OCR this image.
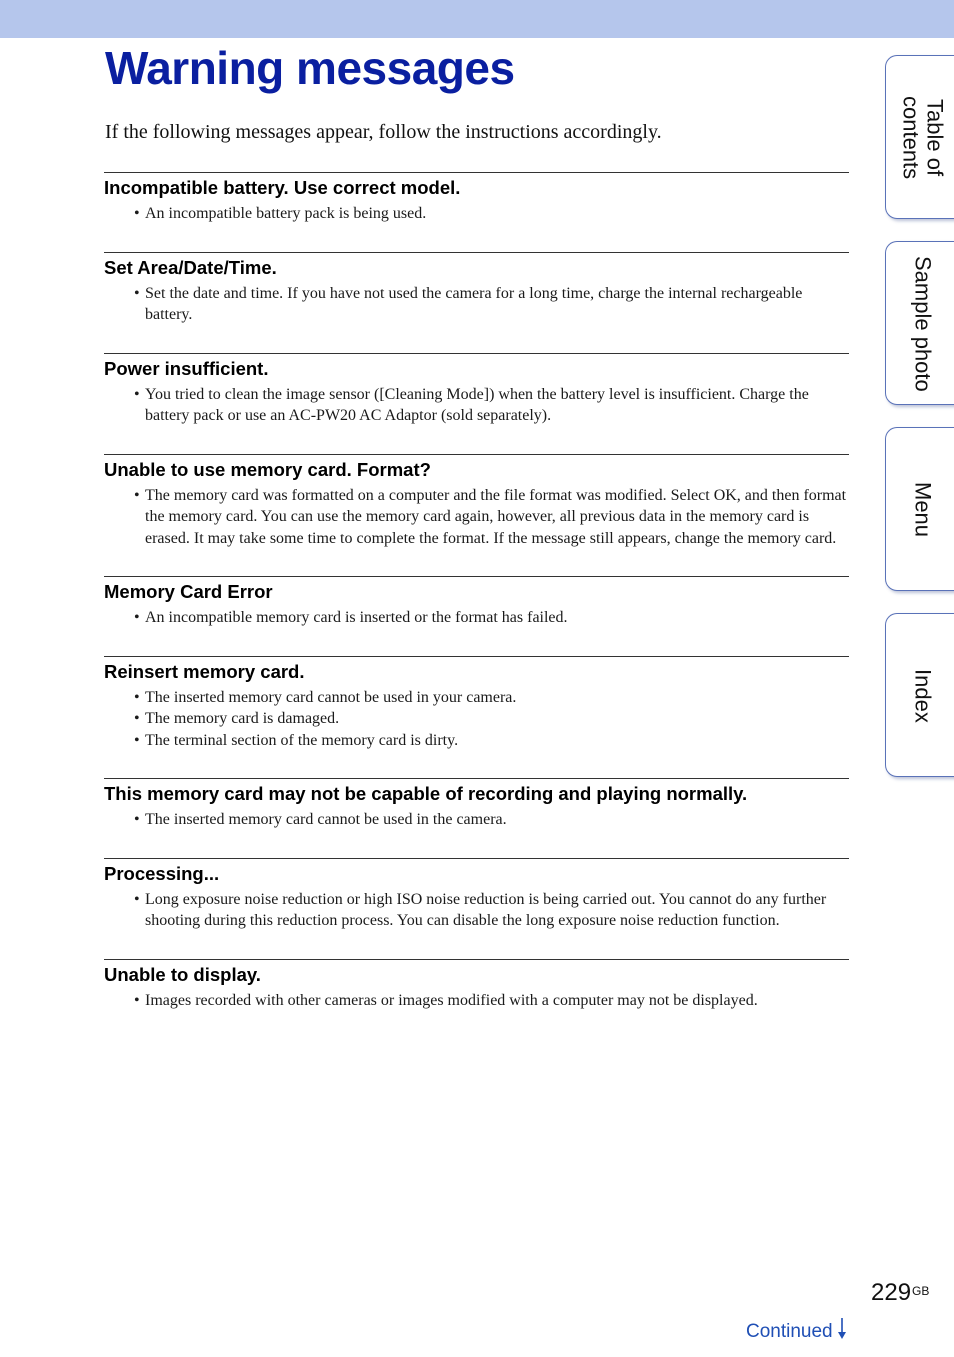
Warning messages

If the following messages appear, follow the instructions accordingly.

Incompatible battery. Use correct model.
• An incompatible battery pack is being used.
Set Area/Date/Time.
• Set the date and time. If you have not used the camera for a long time, charge the internal rechargeable battery.
Power insufficient.
• You tried to clean the image sensor ([Cleaning Mode]) when the battery level is insufficient. Charge the battery pack or use an AC-PW20 AC Adaptor (sold separately).
Unable to use memory card. Format?
• The memory card was formatted on a computer and the file format was modified. Select OK, and then format the memory card. You can use the memory card again, however, all previous data in the memory card is erased. It may take some time to complete the format. If the message still appears, change the memory card.
Memory Card Error
• An incompatible memory card is inserted or the format has failed.
Reinsert memory card.
• The inserted memory card cannot be used in your camera.
• The memory card is damaged.
• The terminal section of the memory card is dirty.
This memory card may not be capable of recording and playing normally.
• The inserted memory card cannot be used in the camera.
Processing...
• Long exposure noise reduction or high ISO noise reduction is being carried out. You cannot do any further shooting during this reduction process. You can disable the long exposure noise reduction function.
Unable to display.
• Images recorded with other cameras or images modified with a computer may not be displayed.
Table of contents
Sample photo
Menu
Index
$229^{GB}$
Continued
